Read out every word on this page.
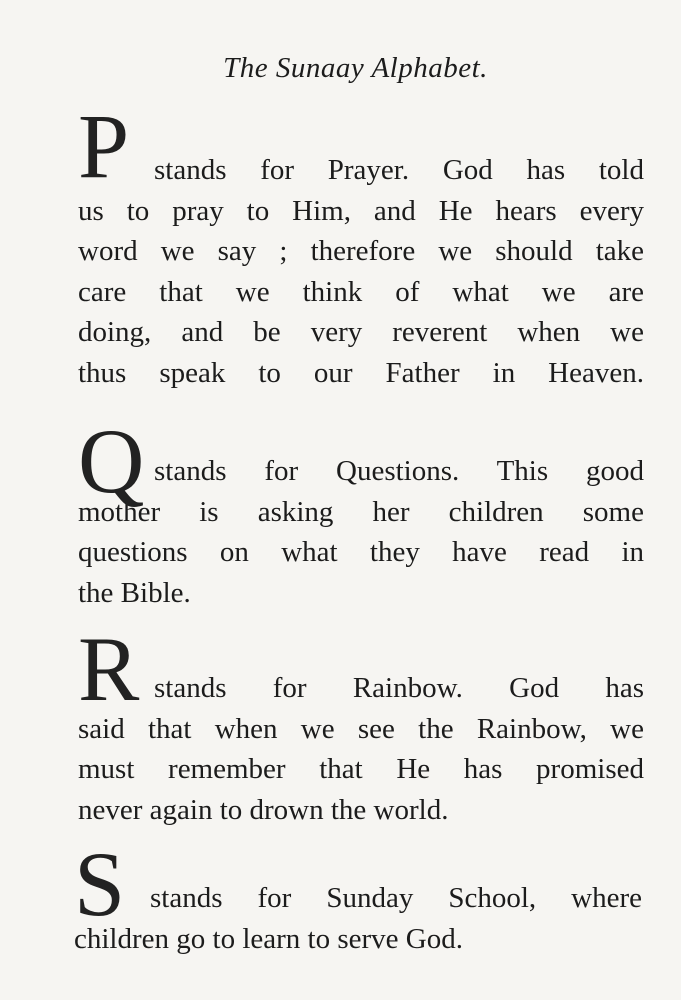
The Sunaay Alphabet.
P stands for Prayer. God has told
us to pray to Him, and He hears every
word we say ; therefore we should take
care that we think of what we are
doing, and be very reverent when we
thus speak to our Father in Heaven.
Q stands for Questions. This good
mother is asking her children some
questions on what they have read in
the Bible.
R stands for Rainbow. God has
said that when we see the Rainbow, we
must remember that He has promised
never again to drown the world.
S stands for Sunday School, where
children go to learn to serve God.
